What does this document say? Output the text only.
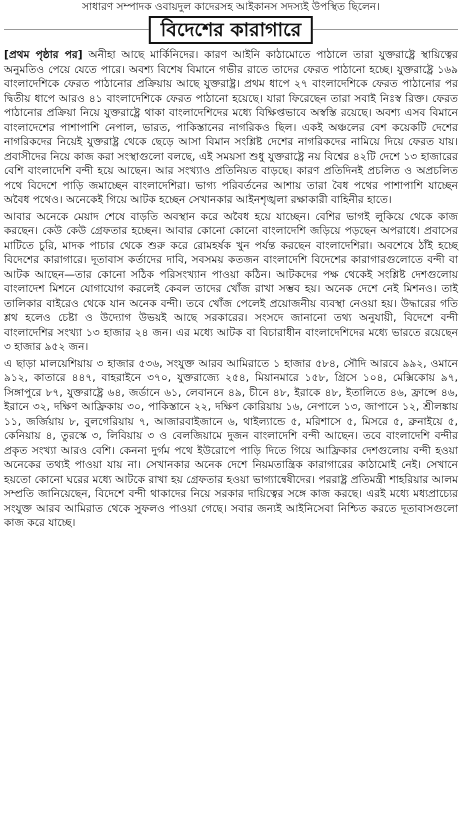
সাধারণ সম্পাদক ওবায়দুল কাদেরসহ আইকানস সদস্যই উপস্থিত ছিলেন।
বিদেশের কারাগারে

[প্রথম পৃষ্ঠার পর] অনীহা আছে মার্কিনিদের। কারণ আইনি কাঠামোতে পাঠালে তারা যুক্তরাষ্ট্রে স্থায়িত্বের অনুমতিও পেয়ে যেতে পারে। অবশ্য বিশেষ বিমানে গভীর রাতে তাদের ফেরত পাঠানো হচ্ছে। যুক্তরাষ্ট্রে ১৬৯ বাংলাদেশিকে ফেরত পাঠানোর প্রক্রিয়ায় আছে যুক্তরাষ্ট্র। প্রথম ধাপে ২৭ বাংলাদেশিকে ফেরত পাঠানোর পর দ্বিতীয় ধাপে আরও ৪১ বাংলাদেশিকে ফেরত পাঠানো হয়েছে। যারা ফিরেছেন তারা সবাই নিঃস্ব রিক্ত। ফেরত পাঠানোর প্রক্রিয়া নিয়ে যুক্তরাষ্ট্রে থাকা বাংলাদেশিদের মধ্যে বিক্ষিপ্তভাবে অস্বস্তি রয়েছে। অবশ্য এসব বিমানে বাংলাদেশের পাশাপাশি নেপাল, ভারত, পাকিস্তানের নাগরিকও ছিল। একই অঞ্চলের বেশ কয়েকটি দেশের নাগরিকদের নিয়েই যুক্তরাষ্ট্র থেকে ছেড়ে আসা বিমান সংশ্লিষ্ট দেশের নাগরিকদের নামিয়ে দিয়ে ফেরত যায়। প্রবাসীদের নিয়ে কাজ করা সংস্থাগুলো বলছে, এই সময়সা শুধু যুক্তরাষ্ট্রে নয় বিশ্বের ৪২টি দেশে ১৩ হাজারের বেশি বাংলাদেশি বন্দী হয়ে আছেন। আর সংখ্যাও প্রতিনিয়ত বাড়ছে। কারণ প্রতিদিনই প্রচলিত ও অপ্রচলিত পথে বিদেশে পাড়ি জমাচ্ছেন বাংলাদেশিরা। ভাগ্য পরিবর্তনের আশায় তারা বৈধ পথের পাশাপাশি যাচ্ছেন অবৈধ পথেও। অনেকেই গিয়ে আটক হচ্ছেন সেখানকার আইনশৃঙ্খলা রক্ষাকারী বাহিনীর হাতে।

আবার অনেকে মেয়াদ শেষে বাড়তি অবস্থান করে অবৈধ হয়ে যাচ্ছেন। বেশির ভাগই লুকিয়ে থেকে কাজ করছেন। কেউ কেউ গ্রেফতার হচ্ছেন। আবার কোনো কোনো বাংলাদেশি জড়িয়ে পড়ছেন অপরাধে। প্রবাসের মাটিতে চুরি, মাদক পাচার থেকে শুরু করে রোমহর্ষক খুন পর্যন্ত করছেন বাংলাদেশিরা। অবশেষে ঠাঁই হচ্ছে বিদেশের কারাগারে। দূতাবাস কর্তাদের দাবি, সবসময় কতজন বাংলাদেশি বিদেশের কারাগারগুলোতে বন্দী বা আটক আছেন—তার কোনো সঠিক পরিসংখ্যান পাওয়া কঠিন। আটকদের পক্ষ থেকেই সংশ্লিষ্ট দেশগুলোয় বাংলাদেশ মিশনে যোগাযোগ করলেই কেবল তাদের খোঁজ রাখা সম্ভব হয়। অনেক দেশে নেই মিশনও। তাই তালিকার বাইরেও থেকে যান অনেক বন্দী। তবে খোঁজ পেলেই প্রয়োজনীয় ব্যবস্থা নেওয়া হয়। উদ্ধারের গতি শ্লথ হলেও চেষ্টা ও উদ্যোগ উভয়ই আছে সরকারের। সংসদে জানানো তথ্য অনুযায়ী, বিদেশে বন্দী বাংলাদেশির সংখ্যা ১৩ হাজার ২৪ জন। এর মধ্যে আটক বা বিচারাধীন বাংলাদেশিদের মধ্যে ভারতে রয়েছেন ৩ হাজার ৯৫২ জন।

এ ছাড়া মালয়েশিয়ায় ৩ হাজার ৫৩৬, সংযুক্ত আরব আমিরাতে ১ হাজার ৫৮৪, সৌদি আরবে ৯৯২, ওমানে ৯১২, কাতারে ৪৪৭, বাহরাইনে ৩৭০, যুক্তরাজ্যে ২৫৪, মিয়ানমারে ১৫৮, গ্রিসে ১০৪, মেক্সিকোয় ৯৭, সিঙ্গাপুরে ৮৭, যুক্তরাষ্ট্রে ৬৪, জর্ডানে ৬১, লেবাননে ৪৯, চীনে ৪৮, ইরাকে ৪৮, ইতালিতে ৪৬, ফ্রান্সে ৪৬, ইরানে ৩২, দক্ষিণ আফ্রিকায় ৩০, পাকিস্তানে ২২, দক্ষিণ কোরিয়ায় ১৬, নেপালে ১৩, জাপানে ১২, শ্রীলঙ্কায় ১১, জর্জিয়ায় ৮, বুলগেরিয়ায় ৭, আজারবাইজানে ৬, থাইল্যান্ডে ৫, মরিশাসে ৫, মিসরে ৫, ব্রুনাইয়ে ৫, কেনিয়ায় ৪, তুরস্কে ৩, লিবিয়ায় ৩ ও বেলজিয়ামে দুজন বাংলাদেশি বন্দী আছেন। তবে বাংলাদেশি বন্দীর প্রকৃত সংখ্যা আরও বেশি। কেননা দুর্গম পথে ইউরোপে পাড়ি দিতে গিয়ে আফ্রিকার দেশগুলোয় বন্দী হওয়া অনেকের তথ্যই পাওয়া যায় না। সেখানকার অনেক দেশে নিয়মতান্ত্রিক কারাগারের কাঠামোই নেই। সেখানে হয়তো কোনো ঘরের মধ্যে আটকে রাখা হয় গ্রেফতার হওয়া ভাগ্যান্বেষীদের। পররাষ্ট্র প্রতিমন্ত্রী শাহরিয়ার আলম সম্প্রতি জানিয়েছেন, বিদেশে বন্দী থাকাদের নিয়ে সরকার দায়িত্বের সঙ্গে কাজ করছে। এরই মধ্যে মধ্যপ্রাচ্যের সংযুক্ত আরব আমিরাত থেকে সুফলও পাওয়া গেছে। সবার জন্যই আইনিসেবা নিশ্চিত করতে দূতাবাসগুলো কাজ করে যাচ্ছে।
